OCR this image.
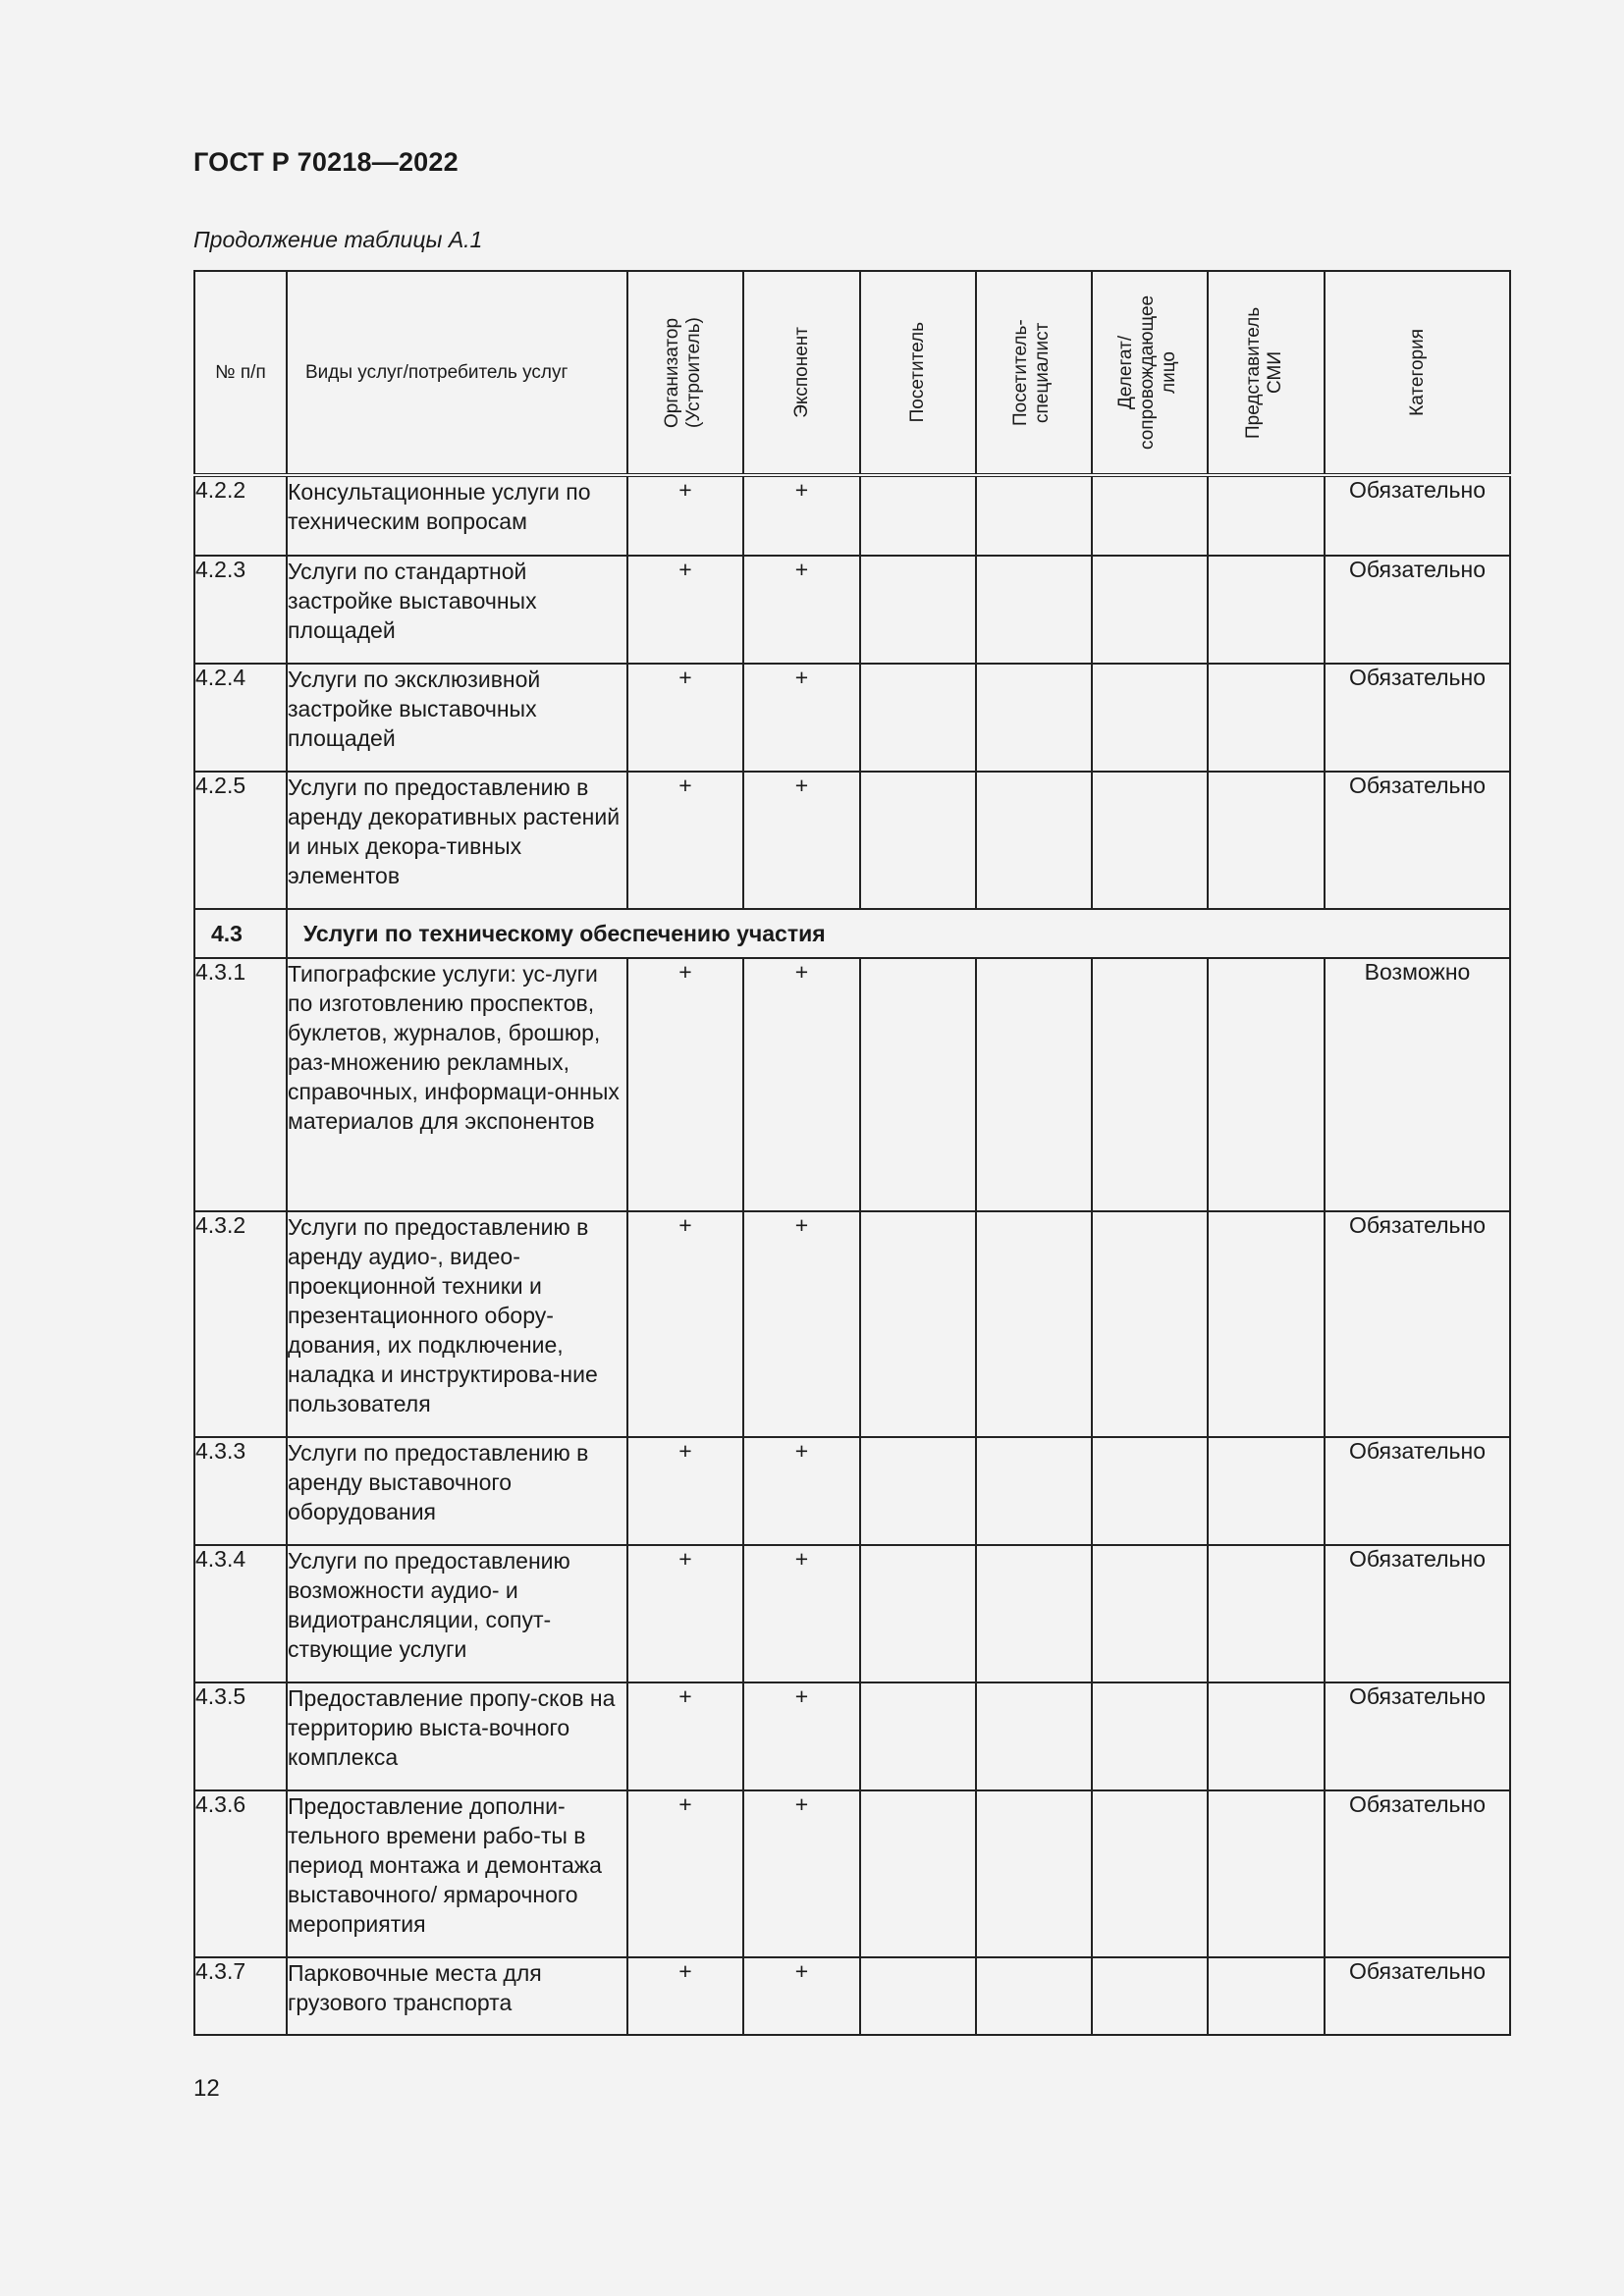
ГОСТ Р 70218—2022
Продолжение таблицы А.1
№ п/п	Виды услуг/потребитель услуг	Организатор (Устроитель)	Экспонент	Посетитель	Посетитель-специалист	Делегат/ сопровождающее лицо	Представитель СМИ	Категория

4.2.2	Консультационные услуги по техническим вопросам	+	+					Обязательно
4.2.3	Услуги по стандартной застройке выставочных площадей	+	+					Обязательно
4.2.4	Услуги по эксклюзивной застройке выставочных площадей	+	+					Обязательно
4.2.5	Услуги по предоставлению в аренду декоративных растений и иных декора-тивных элементов	+	+					Обязательно
4.3	Услуги по техническому обеспечению участия							
4.3.1	Типографские услуги: ус-луги по изготовлению проспектов, буклетов, журналов, брошюр, раз-множению рекламных, справочных, информаци-онных материалов для экспонентов	+	+					Возможно
4.3.2	Услуги по предоставлению в аренду аудио-, видео-проекционной техники и презентационного обору-дования, их подключение, наладка и инструктирова-ние пользователя	+	+					Обязательно
4.3.3	Услуги по предоставлению в аренду выставочного оборудования	+	+					Обязательно
4.3.4	Услуги по предоставлению возможности аудио- и видиотрансляции, сопут-ствующие услуги	+	+					Обязательно
4.3.5	Предоставление пропу-сков на территорию выста-вочного комплекса	+	+					Обязательно
4.3.6	Предоставление дополни-тельного времени рабо-ты в период монтажа и демонтажа выставочного/ ярмарочного мероприятия	+	+					Обязательно
4.3.7	Парковочные места для грузового транспорта	+	+					Обязательно
12
